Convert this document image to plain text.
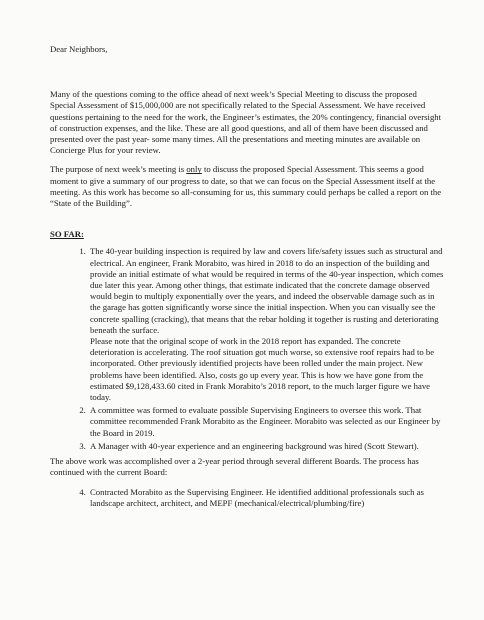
Dear Neighbors,

Many of the questions coming to the office ahead of next week’s Special Meeting to discuss the proposed Special Assessment of $15,000,000 are not specifically related to the Special Assessment. We have received questions pertaining to the need for the work, the Engineer’s estimates, the 20% contingency, financial oversight of construction expenses, and the like. These are all good questions, and all of them have been discussed and presented over the past year- some many times. All the presentations and meeting minutes are available on Concierge Plus for your review.

The purpose of next week’s meeting is only to discuss the proposed Special Assessment. This seems a good moment to give a summary of our progress to date, so that we can focus on the Special Assessment itself at the meeting. As this work has become so all-consuming for us, this summary could perhaps be called a report on the “State of the Building”.

SO FAR:

1. The 40-year building inspection is required by law and covers life/safety issues such as structural and electrical. An engineer, Frank Morabito, was hired in 2018 to do an inspection of the building and provide an initial estimate of what would be required in terms of the 40-year inspection, which comes due later this year. Among other things, that estimate indicated that the concrete damage observed would begin to multiply exponentially over the years, and indeed the observable damage such as in the garage has gotten significantly worse since the initial inspection. When you can visually see the concrete spalling (cracking), that means that the rebar holding it together is rusting and deteriorating beneath the surface.

Please note that the original scope of work in the 2018 report has expanded. The concrete deterioration is accelerating. The roof situation got much worse, so extensive roof repairs had to be incorporated. Other previously identified projects have been rolled under the main project. New problems have been identified. Also, costs go up every year. This is how we have gone from the estimated $9,128,433.60 cited in Frank Morabito’s 2018 report, to the much larger figure we have today.

2. A committee was formed to evaluate possible Supervising Engineers to oversee this work. That committee recommended Frank Morabito as the Engineer. Morabito was selected as our Engineer by the Board in 2019.
3. A Manager with 40-year experience and an engineering background was hired (Scott Stewart).

The above work was accomplished over a 2-year period through several different Boards. The process has continued with the current Board:

4. Contracted Morabito as the Supervising Engineer. He identified additional professionals such as landscape architect, architect, and MEPF (mechanical/electrical/plumbing/fire)
